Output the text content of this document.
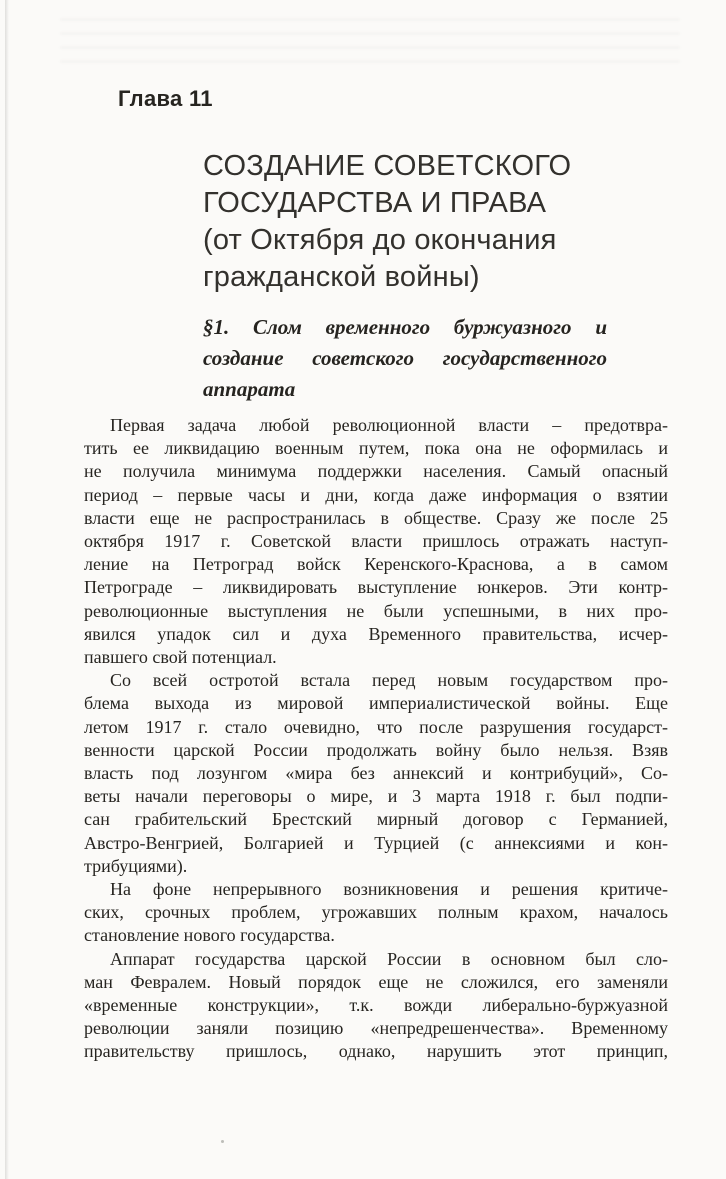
Глава 11
СОЗДАНИЕ СОВЕТСКОГО
ГОСУДАРСТВА И ПРАВА
(от Октября до окончания
гражданской войны)
§1. Слом временного буржуазного и
создание советского государственного
аппарата

Первая задача любой революционной власти – предотвра-
тить ее ликвидацию военным путем, пока она не оформилась и
не получила минимума поддержки населения. Самый опасный
период – первые часы и дни, когда даже информация о взятии
власти еще не распространилась в обществе. Сразу же после 25
октября 1917 г. Советской власти пришлось отражать наступ-
ление на Петроград войск Керенского-Краснова, а в самом
Петрограде – ликвидировать выступление юнкеров. Эти контр-
революционные выступления не были успешными, в них про-
явился упадок сил и духа Временного правительства, исчер-
павшего свой потенциал.

Со всей остротой встала перед новым государством про-
блема выхода из мировой империалистической войны. Еще
летом 1917 г. стало очевидно, что после разрушения государст-
венности царской России продолжать войну было нельзя. Взяв
власть под лозунгом «мира без аннексий и контрибуций», Со-
веты начали переговоры о мире, и 3 марта 1918 г. был подпи-
сан грабительский Брестский мирный договор с Германией,
Австро-Венгрией, Болгарией и Турцией (с аннексиями и кон-
трибуциями).

На фоне непрерывного возникновения и решения критиче-
ских, срочных проблем, угрожавших полным крахом, началось
становление нового государства.

Аппарат государства царской России в основном был сло-
ман Февралем. Новый порядок еще не сложился, его заменяли
«временные конструкции», т.к. вожди либерально-буржуазной
революции заняли позицию «непредрешенчества». Временному
правительству пришлось, однако, нарушить этот принцип,
